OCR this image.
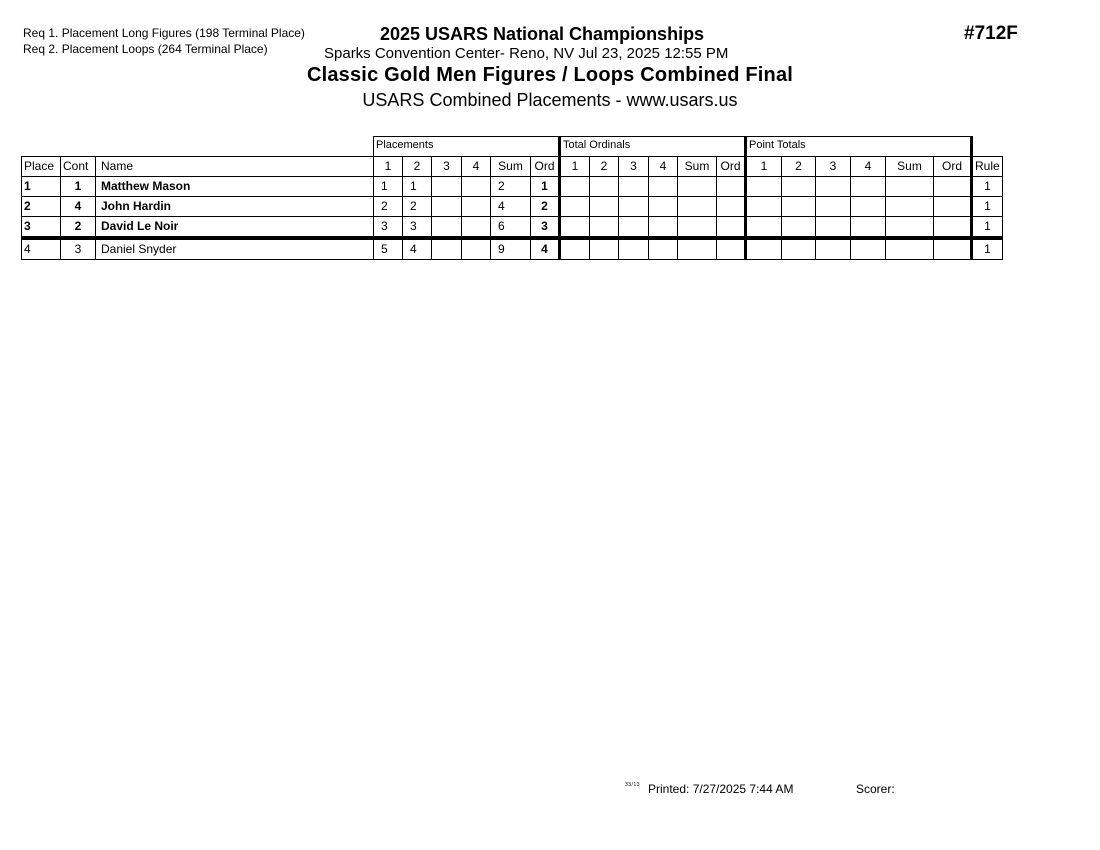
Req 1. Placement Long Figures (198 Terminal Place)
Req 2. Placement Loops (264 Terminal Place)
2025 USARS National Championships
Sparks Convention Center- Reno, NV Jul 23, 2025 12:55 PM
Classic Gold Men Figures / Loops Combined Final
USARS Combined Placements - www.usars.us
#712F
			Placements						Total Ordinals						Point Totals						
Place	Cont	Name	1	2	3	4	Sum	Ord	1	2	3	4	Sum	Ord	1	2	3	4	Sum	Ord	Rule
1	1	Matthew Mason	1	1			2	1													1
2	4	John Hardin	2	2			4	2													1
3	2	David Le Noir	3	3			6	3													1
4	3	Daniel Snyder	5	4			9	4													1
33/13 Printed: 7/27/2025 7:44 AM	Scorer:
